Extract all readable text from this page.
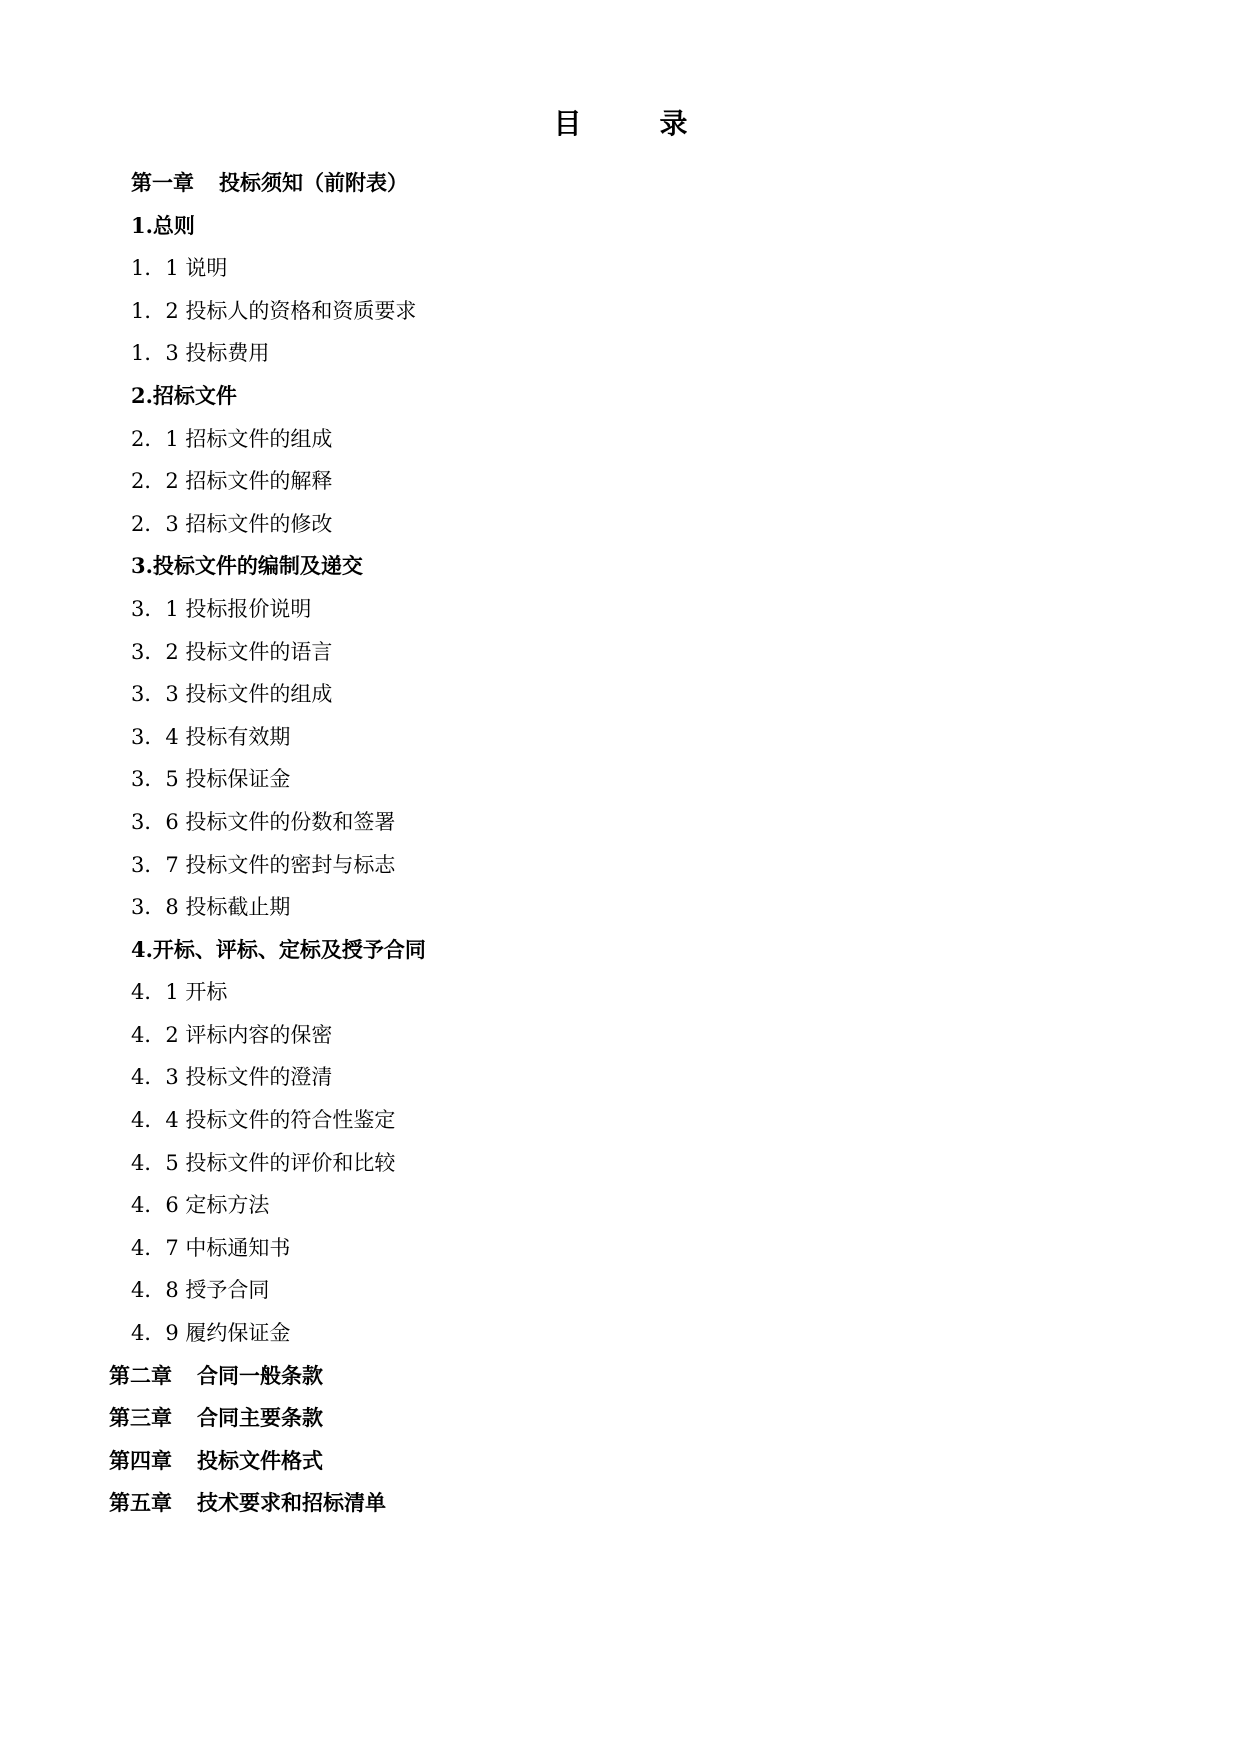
目	录
第一章 投标须知（前附表）
1.总则
1．1 说明
1．2 投标人的资格和资质要求
1．3 投标费用
2.招标文件
2．1 招标文件的组成
2．2 招标文件的解释
2．3 招标文件的修改
3.投标文件的编制及递交
3．1 投标报价说明
3．2 投标文件的语言
3．3 投标文件的组成
3．4 投标有效期
3．5 投标保证金
3．6 投标文件的份数和签署
3．7 投标文件的密封与标志
3．8 投标截止期
4.开标、评标、定标及授予合同
4．1 开标
4．2 评标内容的保密
4．3 投标文件的澄清
4．4 投标文件的符合性鉴定
4．5 投标文件的评价和比较
4．6 定标方法
4．7 中标通知书
4．8 授予合同
4．9 履约保证金
第二章 合同一般条款
第三章 合同主要条款
第四章 投标文件格式
第五章 技术要求和招标清单
